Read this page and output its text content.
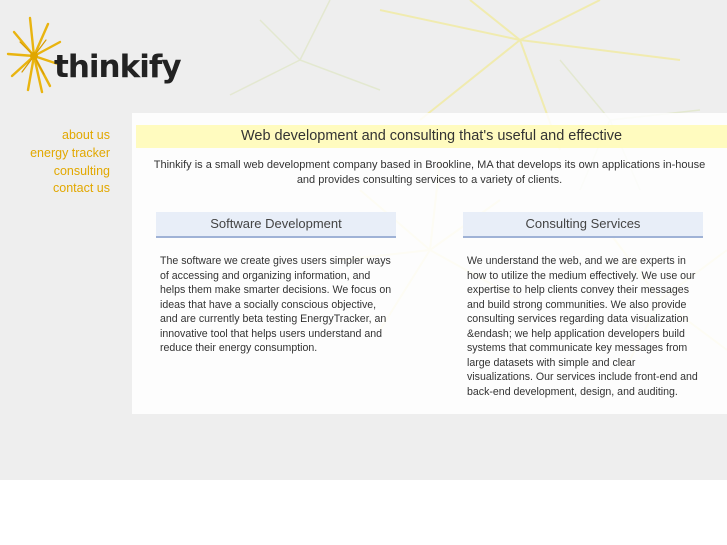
thinkify
about us
energy tracker
consulting
contact us
Web development and consulting that's useful and effective
Thinkify is a small web development company based in Brookline, MA that develops its own applications in-house and provides consulting services to a variety of clients.
Software Development
The software we create gives users simpler ways of accessing and organizing information, and helps them make smarter decisions. We focus on ideas that have a socially conscious objective, and are currently beta testing EnergyTracker, an innovative tool that helps users understand and reduce their energy consumption.
Consulting Services
We understand the web, and we are experts in how to utilize the medium effectively. We use our expertise to help clients convey their messages and build strong communities. We also provide consulting services regarding data visualization &endash; we help application developers build systems that communicate key messages from large datasets with simple and clear visualizations. Our services include front-end and back-end development, design, and auditing.
